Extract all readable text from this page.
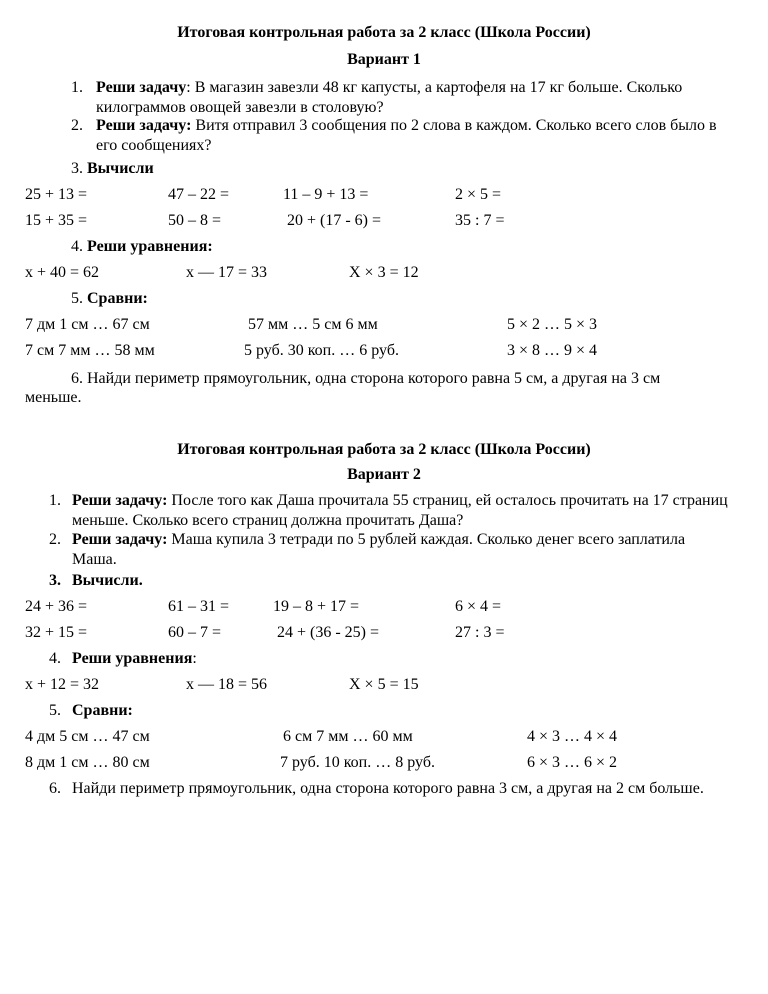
Итоговая контрольная работа за 2 класс (Школа России)
Вариант 1
1. Реши задачу: В магазин завезли 48 кг капусты, а картофеля на 17 кг больше. Сколько килограммов овощей завезли в столовую?
2. Реши задачу: Витя отправил 3 сообщения по 2 слова в каждом. Сколько всего слов было в его сообщениях?
3. Вычисли
25 + 13 =	47 – 22 =	11 – 9 + 13 =	2 × 5 =
15 + 35 =	50 – 8 =	20 + (17 - 6) =	35 : 7 =
4. Реши уравнения:
x + 40 = 62	x — 17 = 33	X × 3 = 12
5. Сравни:
7 дм 1 см … 67 см	57 мм … 5 см 6 мм	5 × 2 … 5 × 3
7 см 7 мм … 58 мм	5 руб. 30 коп. … 6 руб.	3 × 8 … 9 × 4
6. Найди периметр прямоугольник, одна сторона которого равна 5 см, а другая на 3 см
меньше.
Итоговая контрольная работа за 2 класс (Школа России)
Вариант 2
1. Реши задачу: После того как Даша прочитала 55 страниц, ей осталось прочитать на 17 страниц меньше. Сколько всего страниц должна прочитать Даша?
2. Реши задачу: Маша купила 3 тетради по 5 рублей каждая. Сколько денег всего заплатила Маша.
3. Вычисли.
24 + 36 =	61 – 31 =	19 – 8 + 17 =	6 × 4 =
32 + 15 =	60 – 7 =	24 + (36 - 25) =	27 : 3 =
4. Реши уравнения:
x + 12 = 32	x — 18 = 56	X × 5 = 15
5. Сравни:
4 дм 5 см … 47 см	6 см 7 мм … 60 мм	4 × 3 … 4 × 4
8 дм 1 см … 80 см	7 руб. 10 коп. … 8 руб.	6 × 3 … 6 × 2
6. Найди периметр прямоугольник, одна сторона которого равна 3 см, а другая на 2 см больше.
